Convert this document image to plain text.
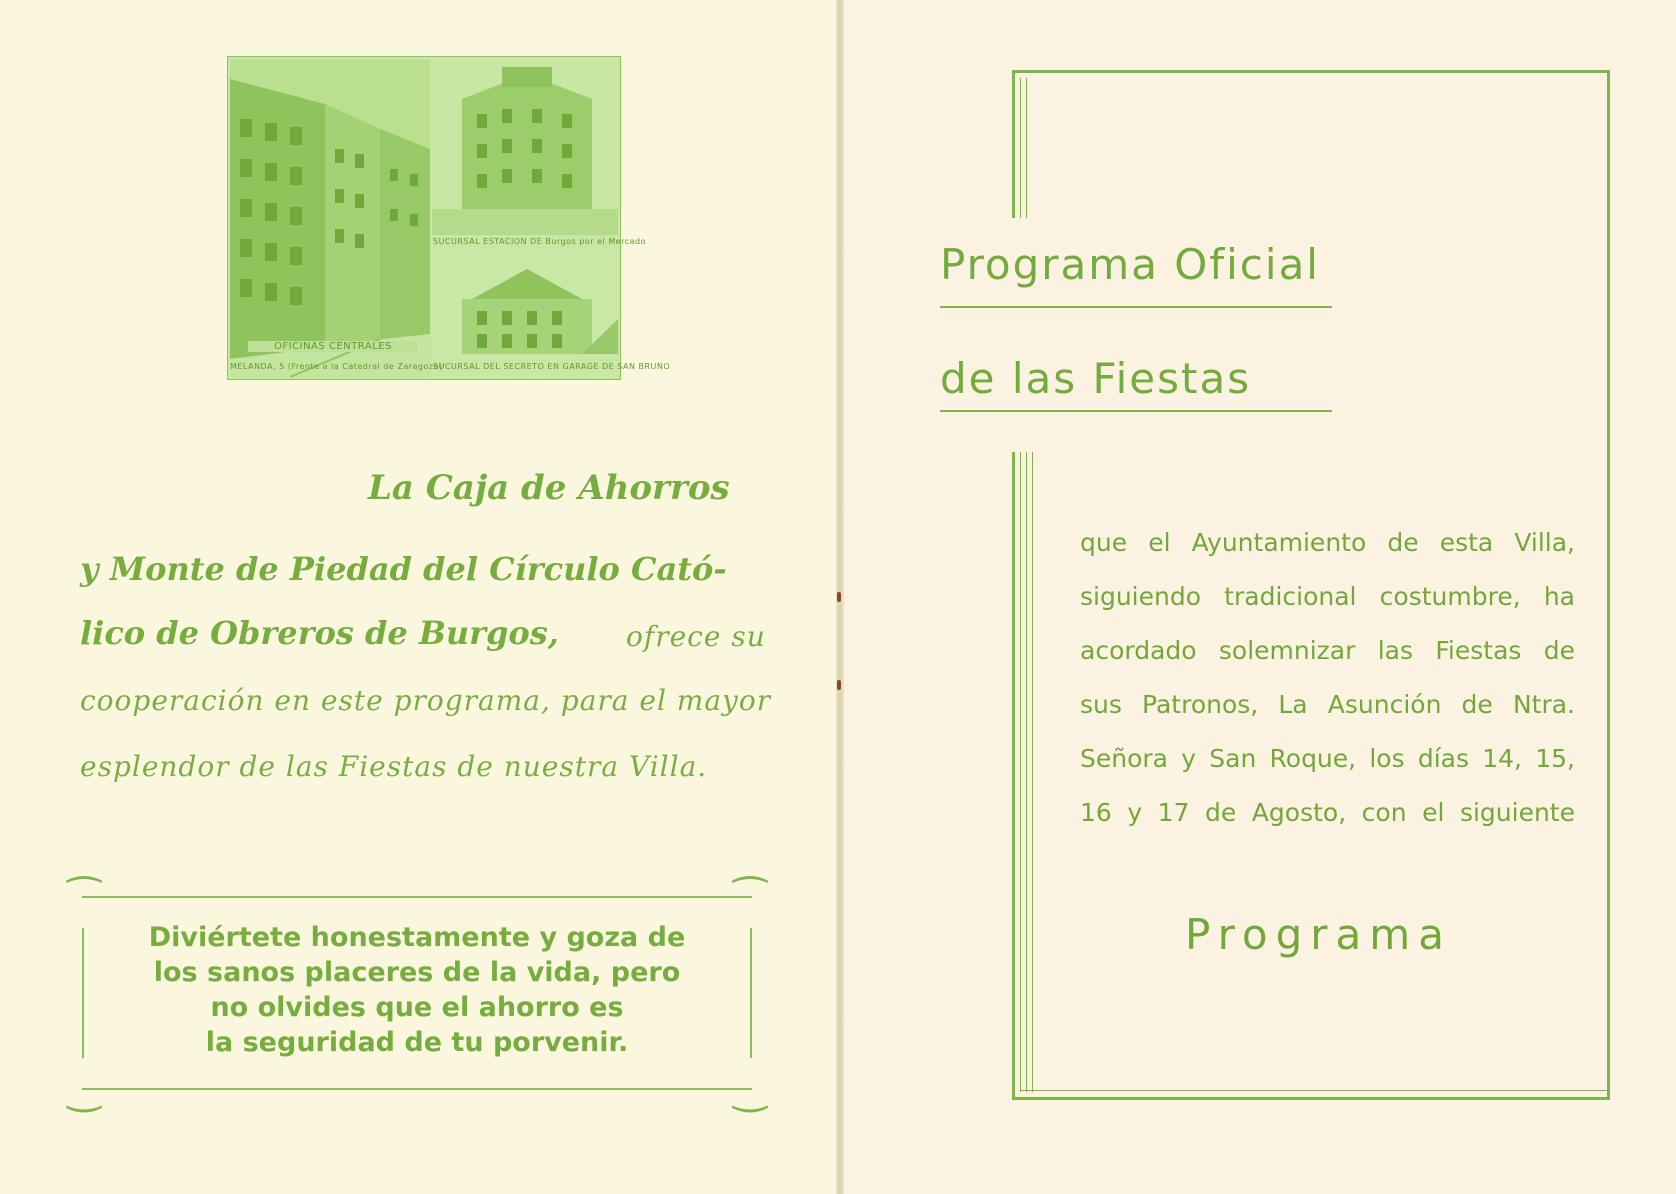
OFICINAS CENTRALES
MELANDA, 5 (Frente a la Catedral de Zaragoza)
SUCURSAL ESTACION DE Burgos por el Mercado
SUCURSAL DEL SECRETO EN GARAGE DE SAN BRUNO
La Caja de Ahorros
y Monte de Piedad del Círculo Cató-
lico de Obreros de Burgos, ofrece su
cooperación en este programa, para el mayor
esplendor de las Fiestas de nuestra Villa.
⁀	⁀
‿	‿
Diviértete honestamente y goza de
los sanos placeres de la vida, pero
no olvides que el ahorro es
la seguridad de tu porvenir.
Programa Oficial
de las Fiestas
que el Ayuntamiento de esta Villa,
siguiendo tradicional costumbre, ha
acordado solemnizar las Fiestas de
sus Patronos, La Asunción de Ntra.
Señora y San Roque, los días 14, 15,
16 y 17 de Agosto, con el siguiente
Programa
